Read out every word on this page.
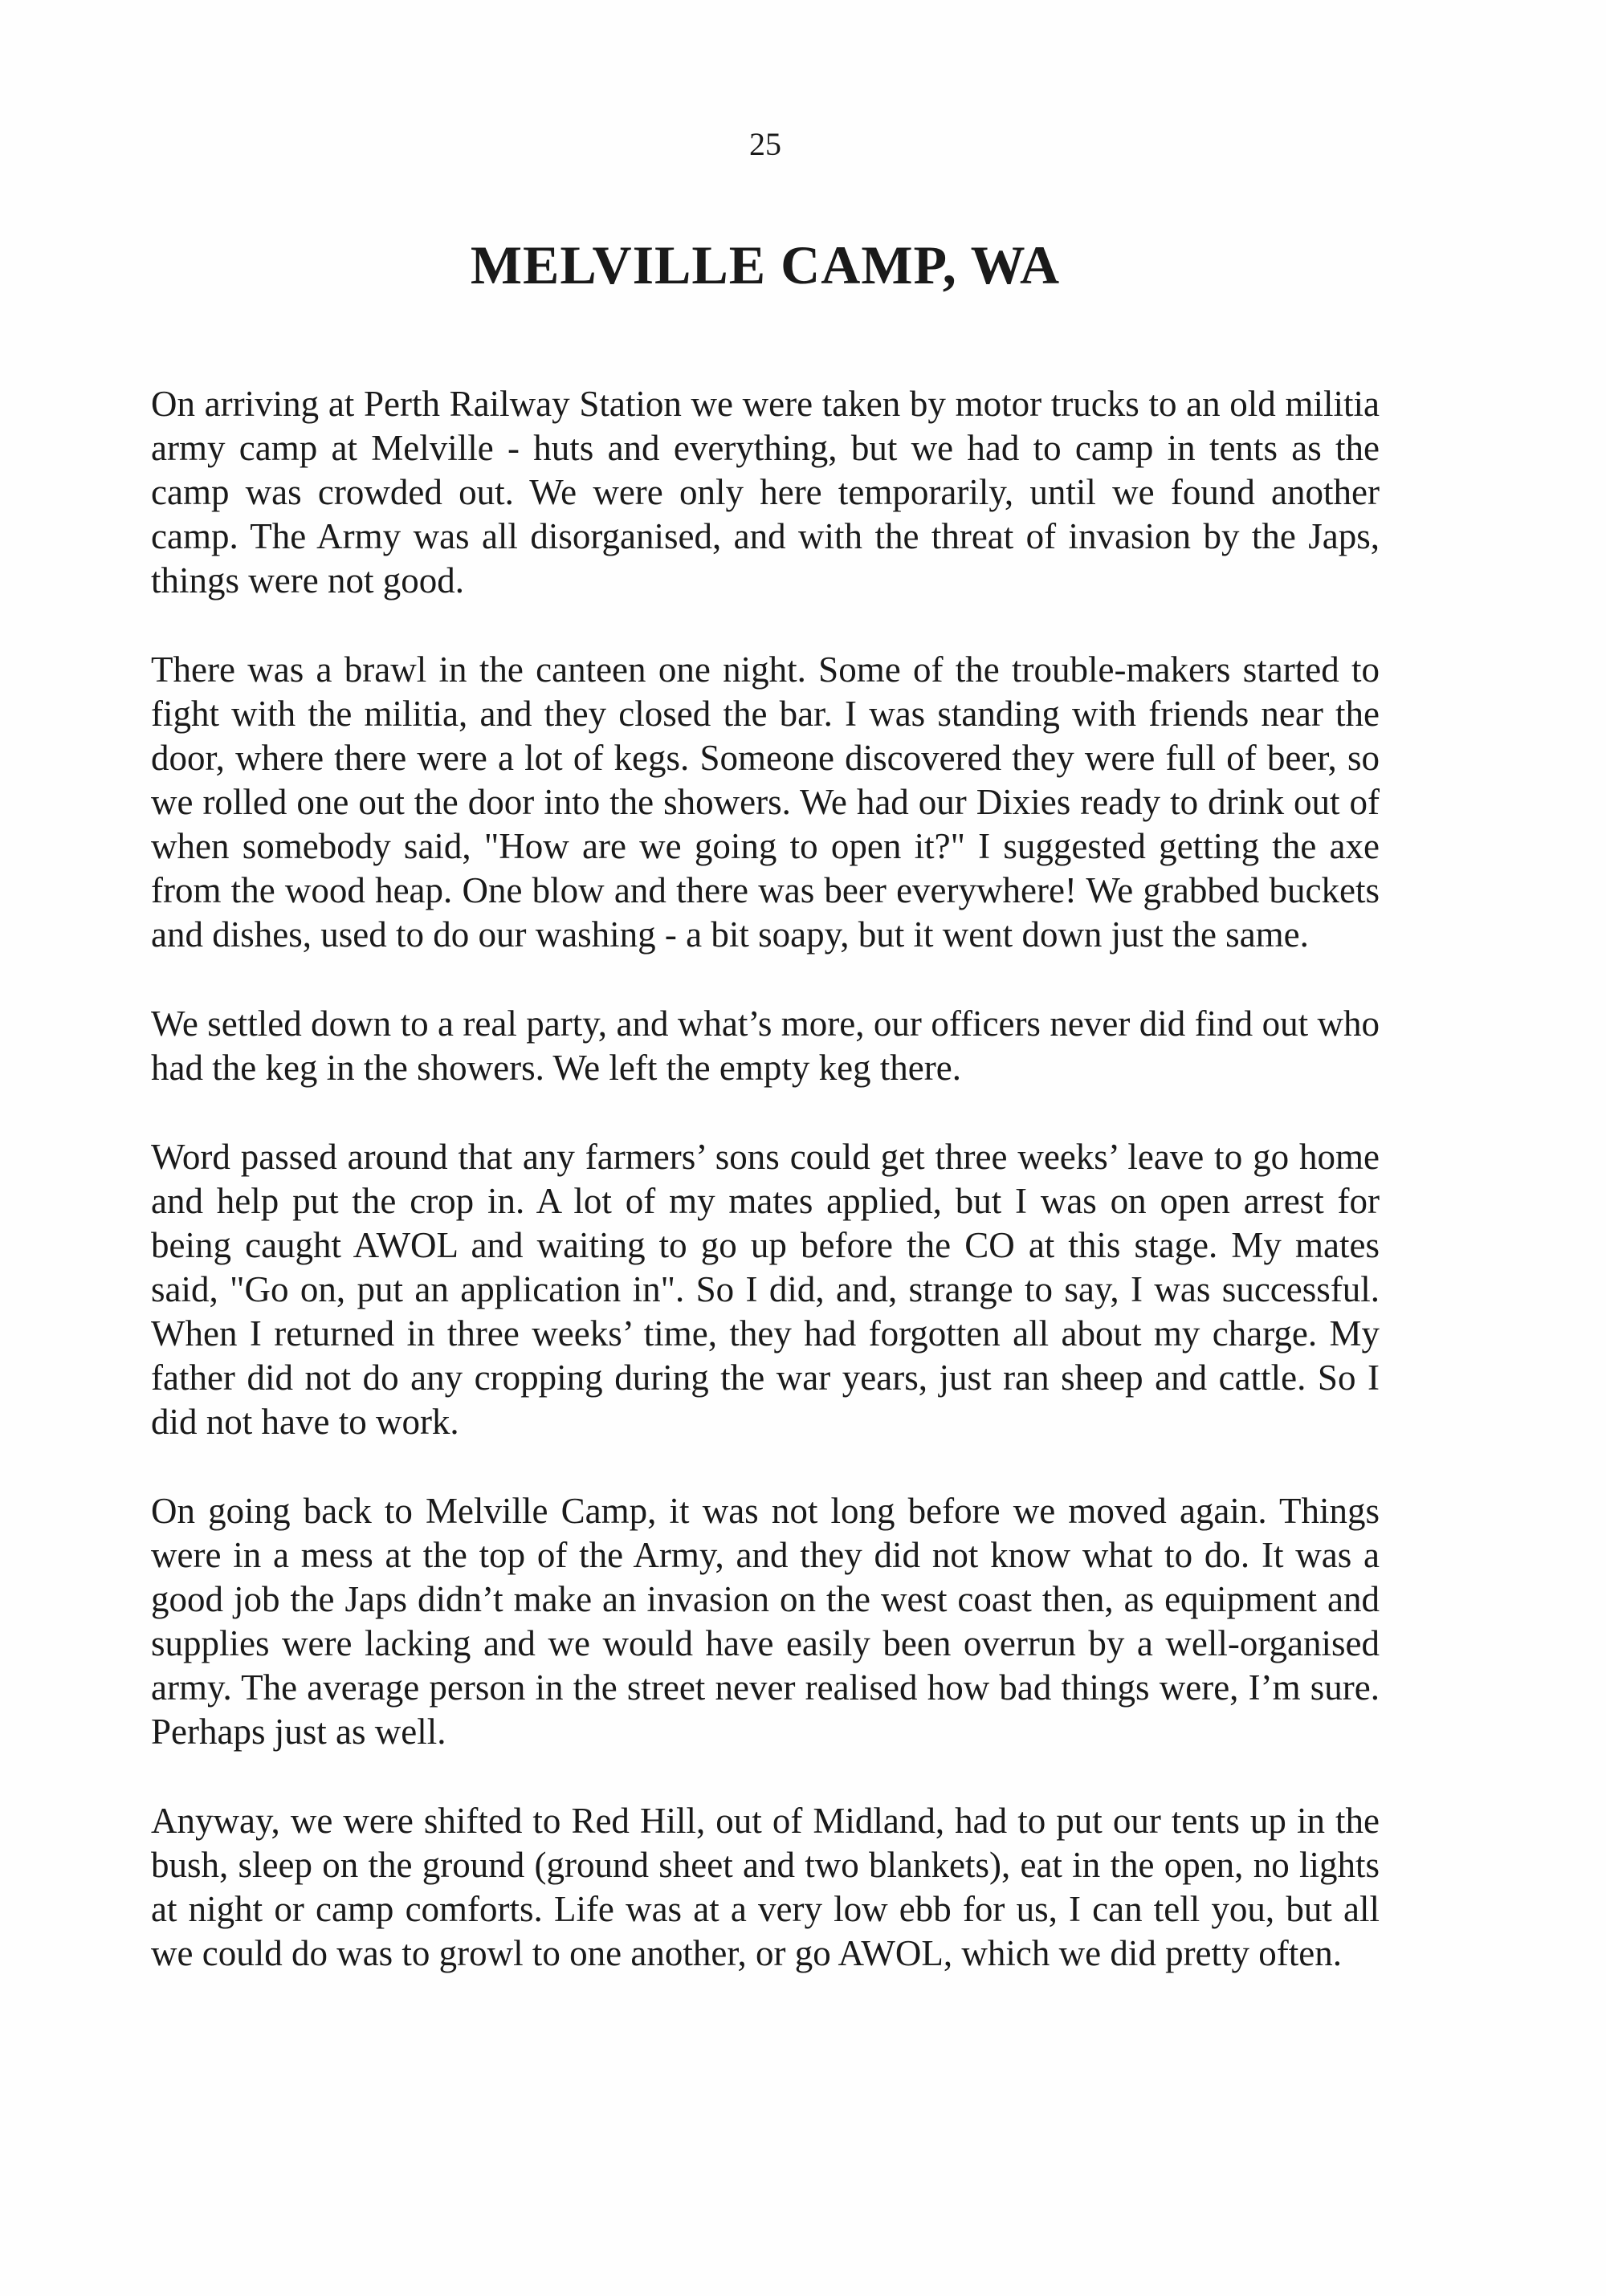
25
MELVILLE CAMP, WA

On arriving at Perth Railway Station we were taken by motor trucks to an old militia army camp at Melville - huts and everything, but we had to camp in tents as the camp was crowded out. We were only here temporarily, until we found another camp. The Army was all disorganised, and with the threat of invasion by the Japs, things were not good.

There was a brawl in the canteen one night. Some of the trouble-makers started to fight with the militia, and they closed the bar. I was standing with friends near the door, where there were a lot of kegs. Someone discovered they were full of beer, so we rolled one out the door into the showers. We had our Dixies ready to drink out of when somebody said, "How are we going to open it?" I suggested getting the axe from the wood heap. One blow and there was beer everywhere! We grabbed buckets and dishes, used to do our washing - a bit soapy, but it went down just the same.

We settled down to a real party, and what’s more, our officers never did find out who had the keg in the showers. We left the empty keg there.

Word passed around that any farmers’ sons could get three weeks’ leave to go home and help put the crop in. A lot of my mates applied, but I was on open arrest for being caught AWOL and waiting to go up before the CO at this stage. My mates said, "Go on, put an application in". So I did, and, strange to say, I was successful. When I returned in three weeks’ time, they had forgotten all about my charge. My father did not do any cropping during the war years, just ran sheep and cattle. So I did not have to work.

On going back to Melville Camp, it was not long before we moved again. Things were in a mess at the top of the Army, and they did not know what to do. It was a good job the Japs didn’t make an invasion on the west coast then, as equipment and supplies were lacking and we would have easily been overrun by a well-organised army. The average person in the street never realised how bad things were, I’m sure. Perhaps just as well.

Anyway, we were shifted to Red Hill, out of Midland, had to put our tents up in the bush, sleep on the ground (ground sheet and two blankets), eat in the open, no lights at night or camp comforts. Life was at a very low ebb for us, I can tell you, but all we could do was to growl to one another, or go AWOL, which we did pretty often.
